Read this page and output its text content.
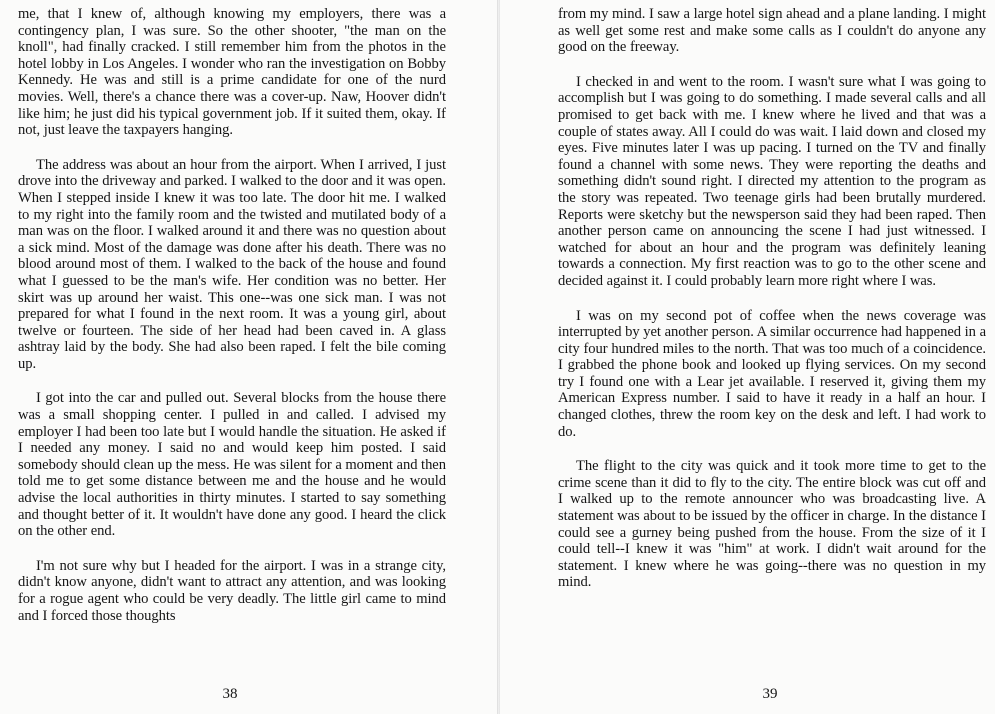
me, that I knew of, although knowing my employers, there was a contingency plan, I was sure. So the other shooter, "the man on the knoll", had finally cracked. I still remember him from the photos in the hotel lobby in Los Angeles. I wonder who ran the investigation on Bobby Kennedy. He was and still is a prime candidate for one of the nurd movies. Well, there's a chance there was a cover-up. Naw, Hoover didn't like him; he just did his typical government job. If it suited them, okay. If not, just leave the taxpayers hanging.

The address was about an hour from the airport. When I arrived, I just drove into the driveway and parked. I walked to the door and it was open. When I stepped inside I knew it was too late. The door hit me. I walked to my right into the family room and the twisted and mutilated body of a man was on the floor. I walked around it and there was no question about a sick mind. Most of the damage was done after his death. There was no blood around most of them. I walked to the back of the house and found what I guessed to be the man's wife. Her condition was no better. Her skirt was up around her waist. This one--was one sick man. I was not prepared for what I found in the next room. It was a young girl, about twelve or fourteen. The side of her head had been caved in. A glass ashtray laid by the body. She had also been raped. I felt the bile coming up.

I got into the car and pulled out. Several blocks from the house there was a small shopping center. I pulled in and called. I advised my employer I had been too late but I would handle the situation. He asked if I needed any money. I said no and would keep him posted. I said somebody should clean up the mess. He was silent for a moment and then told me to get some distance between me and the house and he would advise the local authorities in thirty minutes. I started to say something and thought better of it. It wouldn't have done any good. I heard the click on the other end.

I'm not sure why but I headed for the airport. I was in a strange city, didn't know anyone, didn't want to attract any attention, and was looking for a rogue agent who could be very deadly. The little girl came to mind and I forced those thoughts

38

from my mind. I saw a large hotel sign ahead and a plane landing. I might as well get some rest and make some calls as I couldn't do anyone any good on the freeway.

I checked in and went to the room. I wasn't sure what I was going to accomplish but I was going to do something. I made several calls and all promised to get back with me. I knew where he lived and that was a couple of states away. All I could do was wait. I laid down and closed my eyes. Five minutes later I was up pacing. I turned on the TV and finally found a channel with some news. They were reporting the deaths and something didn't sound right. I directed my attention to the program as the story was repeated. Two teenage girls had been brutally murdered. Reports were sketchy but the newsperson said they had been raped. Then another person came on announcing the scene I had just witnessed. I watched for about an hour and the program was definitely leaning towards a connection. My first reaction was to go to the other scene and decided against it. I could probably learn more right where I was.

I was on my second pot of coffee when the news coverage was interrupted by yet another person. A similar occurrence had happened in a city four hundred miles to the north. That was too much of a coincidence. I grabbed the phone book and looked up flying services. On my second try I found one with a Lear jet available. I reserved it, giving them my American Express number. I said to have it ready in a half an hour. I changed clothes, threw the room key on the desk and left. I had work to do.

The flight to the city was quick and it took more time to get to the crime scene than it did to fly to the city. The entire block was cut off and I walked up to the remote announcer who was broadcasting live. A statement was about to be issued by the officer in charge. In the distance I could see a gurney being pushed from the house. From the size of it I could tell--I knew it was "him" at work. I didn't wait around for the statement. I knew where he was going--there was no question in my mind.

39
